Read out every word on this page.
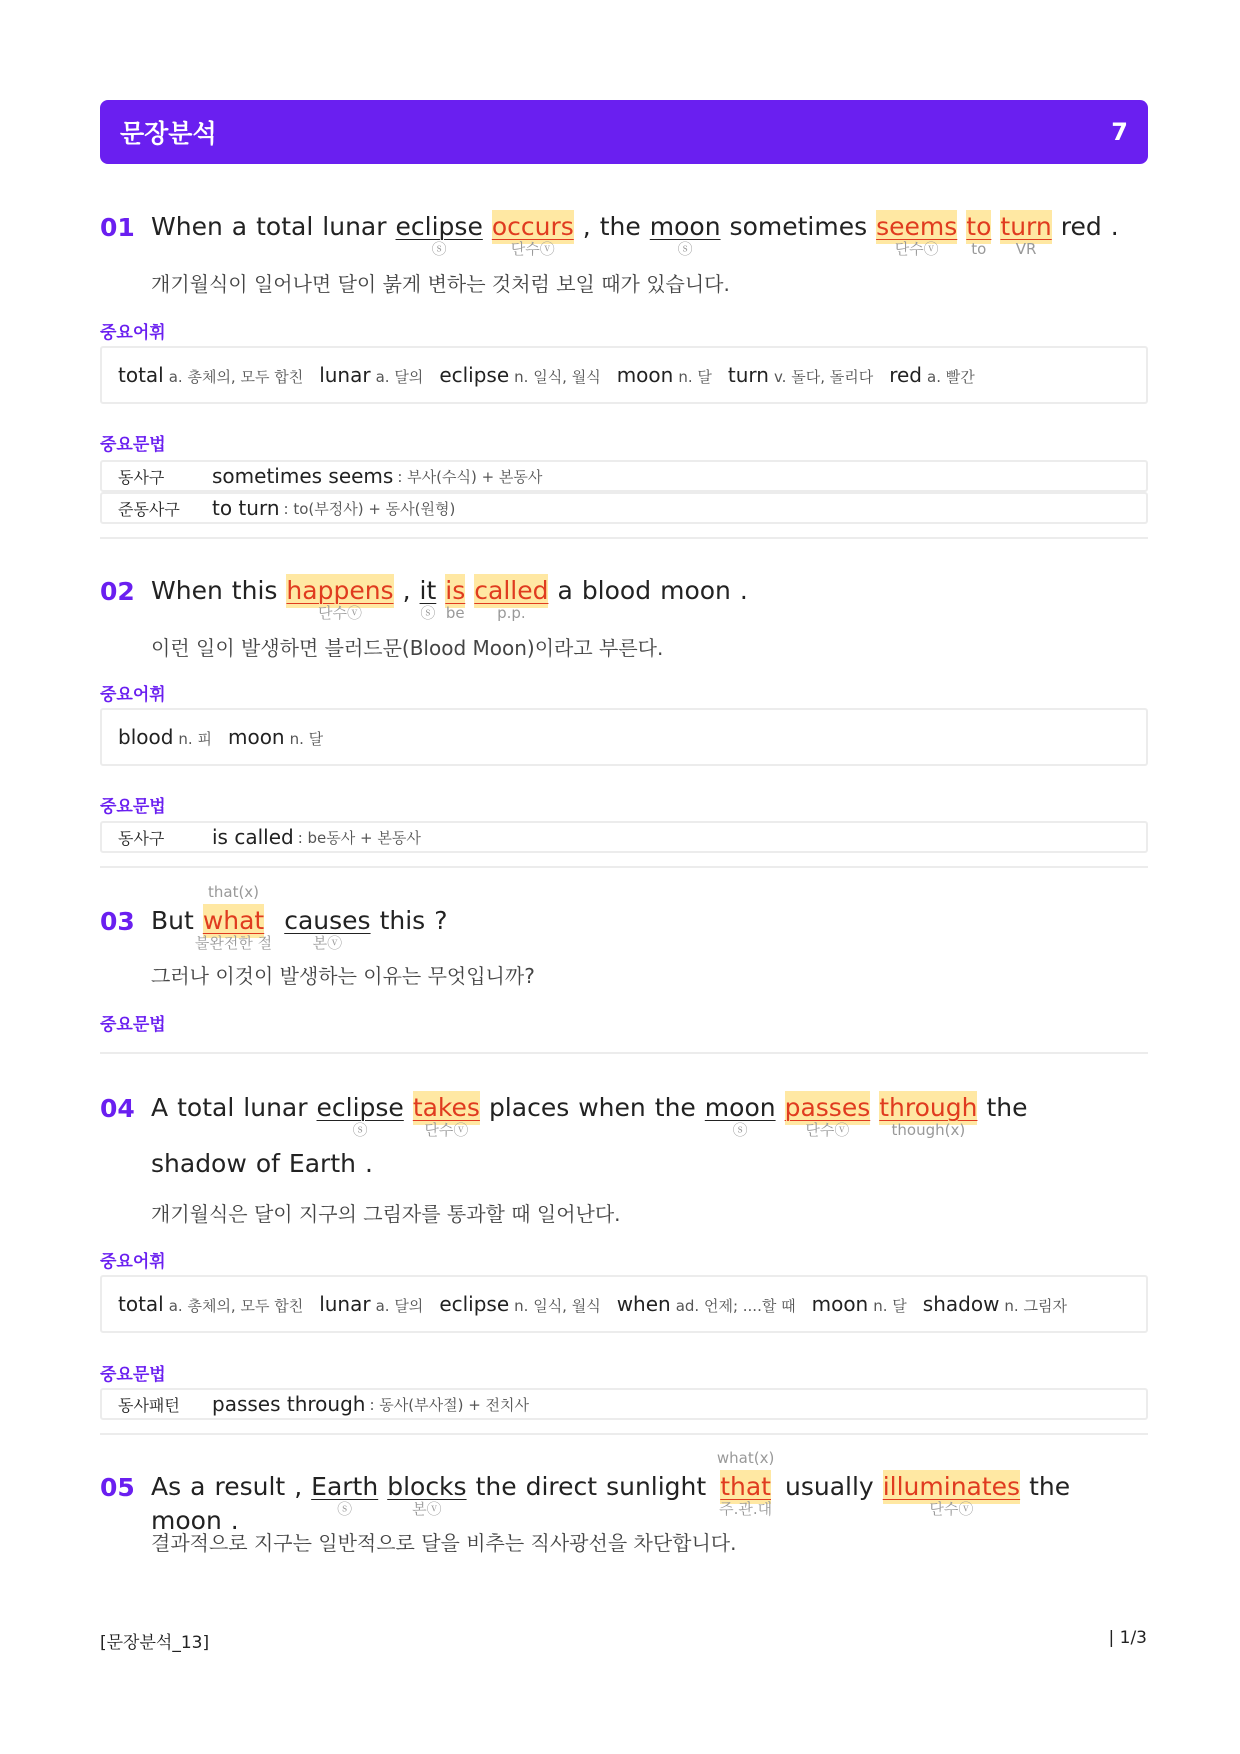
문장분석	7
01 When a total lunar eclipse
ⓢ
occurs
단수ⓥ
, the moon
ⓢ
sometimes seems
단수ⓥ
to
to
turn
VR
red .
개기월식이 일어나면 달이 붉게 변하는 것처럼 보일 때가 있습니다.
중요어휘
total a. 총체의, 모두 합친 lunar a. 달의 eclipse n. 일식, 월식 moon n. 달 turn v. 돌다, 돌리다 red a. 빨간
중요문법
동사구	sometimes seems : 부사(수식) + 본동사
준동사구	to turn : to(부정사) + 동사(원형)
02 When this happens
단수ⓥ
, it
ⓢ
is
be
called
p.p.
a blood moon .
이런 일이 발생하면 블러드문(Blood Moon)이라고 부른다.
중요어휘
blood n. 피 moon n. 달
중요문법
동사구	is called : be동사 + 본동사
03 But
that(x)
what
불완전한 절
causes
본ⓥ
this ?
그러나 이것이 발생하는 이유는 무엇입니까?
중요문법
04 A total lunar eclipse
ⓢ
takes
단수ⓥ
places when the moon
ⓢ
passes
단수ⓥ
through
though(x)
the
shadow of Earth .
개기월식은 달이 지구의 그림자를 통과할 때 일어난다.
중요어휘
total a. 총체의, 모두 합친 lunar a. 달의 eclipse n. 일식, 월식 when ad. 언제; ....할 때 moon n. 달 shadow n. 그림자
중요문법
동사패턴	passes through : 동사(부사절) + 전치사
05 As a result , Earth
ⓢ
blocks
본ⓥ
the direct sunlight
what(x)
that
주.관.대
usually illuminates
단수ⓥ
the
moon .
결과적으로 지구는 일반적으로 달을 비추는 직사광선을 차단합니다.
[문장분석_13]	| 1/3
